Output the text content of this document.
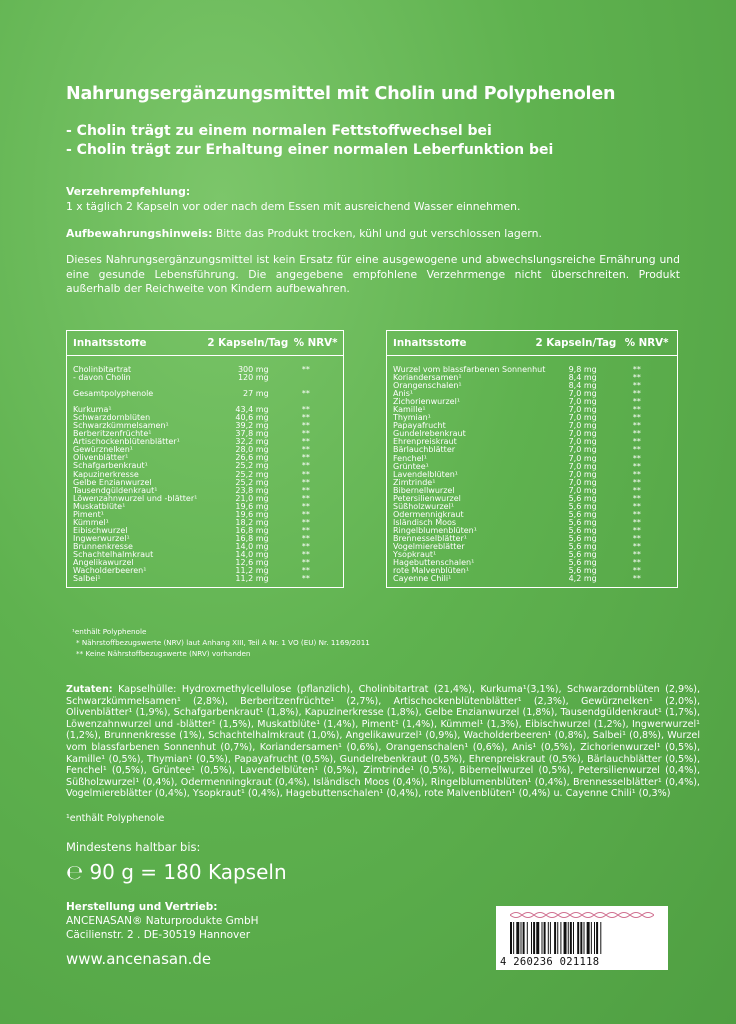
Nahrungsergänzungsmittel mit Cholin und Polyphenolen
- Cholin trägt zu einem normalen Fettstoffwechsel bei
- Cholin trägt zur Erhaltung einer normalen Leberfunktion bei
Verzehrempfehlung:
1 x täglich 2 Kapseln vor oder nach dem Essen mit ausreichend Wasser einnehmen.
Aufbewahrungshinweis: Bitte das Produkt trocken, kühl und gut verschlossen lagern.
Dieses Nahrungsergänzungsmittel ist kein Ersatz für eine ausgewogene und abwechslungsreiche Ernährung und eine gesunde Lebensführung. Die angegebene empfohlene Verzehrmenge nicht überschreiten. Produkt außerhalb der Reichweite von Kindern aufbewahren.
Inhaltsstoffe	2 Kapseln/Tag % NRV*
Cholinbitartrat	300 mg	**
- davon Cholin	120 mg
Gesamtpolyphenole	27 mg	**
Kurkuma¹	43,4 mg	**
Schwarzdornblüten	40,6 mg	**
Schwarzkümmelsamen¹	39,2 mg	**
Berberitzenfrüchte¹	37,8 mg	**
Artischockenblütenblätter¹	32,2 mg	**
Gewürznelken¹	28,0 mg	**
Olivenblätter¹	26,6 mg	**
Schafgarbenkraut¹	25,2 mg	**
Kapuzinerkresse	25,2 mg	**
Gelbe Enzianwurzel	25,2 mg	**
Tausendgüldenkraut¹	23,8 mg	**
Löwenzahnwurzel und -blätter¹	21,0 mg	**
Muskatblüte¹	19,6 mg	**
Piment¹	19,6 mg	**
Kümmel¹	18,2 mg	**
Eibischwurzel	16,8 mg	**
Ingwerwurzel¹	16,8 mg	**
Brunnenkresse	14,0 mg	**
Schachtelhalmkraut	14,0 mg	**
Angelikawurzel	12,6 mg	**
Wacholderbeeren¹	11,2 mg	**
Salbei¹	11,2 mg	**
Inhaltsstoffe	2 Kapseln/Tag % NRV*
Wurzel vom blassfarbenen Sonnenhut	9,8 mg	**
Koriandersamen¹	8,4 mg	**
Orangenschalen¹	8,4 mg	**
Anis¹	7,0 mg	**
Zichorienwurzel¹	7,0 mg	**
Kamille¹	7,0 mg	**
Thymian¹	7,0 mg	**
Papayafrucht	7,0 mg	**
Gundelrebenkraut	7,0 mg	**
Ehrenpreiskraut	7,0 mg	**
Bärlauchblätter	7,0 mg	**
Fenchel¹	7,0 mg	**
Grüntee¹	7,0 mg	**
Lavendelblüten¹	7,0 mg	**
Zimtrinde¹	7,0 mg	**
Bibernellwurzel	7,0 mg	**
Petersilienwurzel	5,6 mg	**
Süßholzwurzel¹	5,6 mg	**
Odermennigkraut	5,6 mg	**
Isländisch Moos	5,6 mg	**
Ringelblumenblüten¹	5,6 mg	**
Brennesselblätter¹	5,6 mg	**
Vogelmiereblätter	5,6 mg	**
Ysopkraut¹	5,6 mg	**
Hagebuttenschalen¹	5,6 mg	**
rote Malvenblüten¹	5,6 mg	**
Cayenne Chili¹	4,2 mg	**
¹enthält Polyphenole
* Nährstoffbezugswerte (NRV) laut Anhang XIII, Teil A Nr. 1 VO (EU) Nr. 1169/2011
** Keine Nährstoffbezugswerte (NRV) vorhanden
Zutaten: Kapselhülle: Hydroxmethylcellulose (pflanzlich), Cholinbitartrat (21,4%), Kurkuma¹(3,1%), Schwarzdornblüten (2,9%), Schwarzkümmelsamen¹ (2,8%), Berberitzenfrüchte¹ (2,7%), Artischockenblütenblätter¹ (2,3%), Gewürznelken¹ (2,0%), Olivenblätter¹ (1,9%), Schafgarbenkraut¹ (1,8%), Kapuzinerkresse (1,8%), Gelbe Enzianwurzel (1,8%), Tausendgüldenkraut¹ (1,7%), Löwenzahnwurzel und -blätter¹ (1,5%), Muskatblüte¹ (1,4%), Piment¹ (1,4%), Kümmel¹ (1,3%), Eibischwurzel (1,2%), Ingwerwurzel¹ (1,2%), Brunnenkresse (1%), Schachtelhalmkraut (1,0%), Angelikawurzel¹ (0,9%), Wacholderbeeren¹ (0,8%), Salbei¹ (0,8%), Wurzel vom blassfarbenen Sonnenhut (0,7%), Koriandersamen¹ (0,6%), Orangenschalen¹ (0,6%), Anis¹ (0,5%), Zichorienwurzel¹ (0,5%), Kamille¹ (0,5%), Thymian¹ (0,5%), Papayafrucht (0,5%), Gundelrebenkraut (0,5%), Ehrenpreiskraut (0,5%), Bärlauchblätter (0,5%), Fenchel¹ (0,5%), Grüntee¹ (0,5%), Lavendelblüten¹ (0,5%), Zimtrinde¹ (0,5%), Bibernellwurzel (0,5%), Petersilienwurzel (0,4%), Süßholzwurzel¹ (0,4%), Odermenningkraut (0,4%), Isländisch Moos (0,4%), Ringelblumenblüten¹ (0,4%), Brennesselblätter¹ (0,4%), Vogelmiereblätter (0,4%), Ysopkraut¹ (0,4%), Hagebuttenschalen¹ (0,4%), rote Malvenblüten¹ (0,4%) u. Cayenne Chili¹ (0,3%)
¹enthält Polyphenole
Mindestens haltbar bis:
℮ 90 g = 180 Kapseln
Herstellung und Vertrieb:
ANCENASAN® Naturprodukte GmbH
Cäcilienstr. 2 . DE-30519 Hannover
www.ancenasan.de	4 260236 021118
